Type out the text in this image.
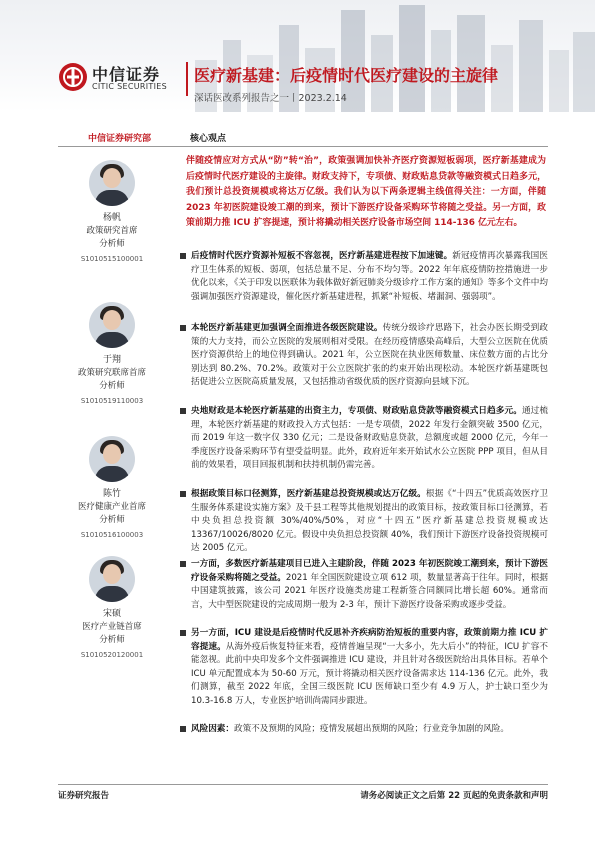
中信证券
CITIC SECURITIES
医疗新基建：后疫情时代医疗建设的主旋律
深话医改系列报告之一丨2023.2.14
中信证券研究部	核心观点
杨帆
政策研究首席
分析师
S1010515100001
于翔
政策研究联席首席
分析师
S1010519110003
陈竹
医疗健康产业首席
分析师
S1010516100003
宋硕
医疗产业链首席
分析师
S1010520120001
伴随疫情应对方式从“防”转“治”，政策强调加快补齐医疗资源短板弱项，医疗新基建成为后疫情时代医疗建设的主旋律。财政支持下，专项债、财政贴息贷款等融资模式日趋多元，我们预计总投资规模或将达万亿级。我们认为以下两条逻辑主线值得关注：一方面，伴随 2023 年初医院建设竣工潮的到来，预计下游医疗设备采购环节将随之受益。另一方面，政策前期力推 ICU 扩容提速，预计将撬动相关医疗设备市场空间 114-136 亿元左右。
后疫情时代医疗资源补短板不容忽视，医疗新基建进程按下加速键。新冠疫情再次暴露我国医疗卫生体系的短板、弱项，包括总量不足、分布不均匀等。2022 年年底疫情防控措施进一步优化以来，《关于印发以医联体为载体做好新冠肺炎分级诊疗工作方案的通知》等多个文件中均强调加强医疗资源建设，催化医疗新基建进程，抓紧“补短板、堵漏洞、强弱项”。
本轮医疗新基建更加强调全面推进各级医院建设。传统分级诊疗思路下，社会办医长期受到政策的大力支持，而公立医院的发展则相对受限。在经历疫情感染高峰后，大型公立医院在优质医疗资源供给上的地位得到确认。2021 年，公立医院在执业医师数量、床位数方面的占比分别达到 80.2%、70.2%。政策对于公立医院扩张的约束开始出现松动。本轮医疗新基建既包括促进公立医院高质量发展，又包括推动省级优质的医疗资源向县域下沉。
央地财政是本轮医疗新基建的出资主力，专项债、财政贴息贷款等融资模式日趋多元。通过梳理，本轮医疗新基建的财政投入方式包括：一是专项债，2022 年发行金额突破 3500 亿元，而 2019 年这一数字仅 330 亿元；二是设备财政贴息贷款，总额度或超 2000 亿元，今年一季度医疗设备采购环节有望受益明显。此外，政府近年来开始试水公立医院 PPP 项目，但从目前的效果看，项目回报机制和扶持机制仍需完善。
根据政策目标口径测算，医疗新基建总投资规模或达万亿级。根据《“十四五”优质高效医疗卫生服务体系建设实施方案》及千县工程等其他规划提出的政策目标，按政策目标口径测算，若中央负担总投资额 30%/40%/50%，对应“十四五”医疗新基建总投资规模或达 13367/10026/8020 亿元。假设中央负担总投资额 40%，我们预计下游医疗设备投资规模可达 2005 亿元。
一方面，多数医疗新基建项目已进入主建阶段，伴随 2023 年初医院竣工潮到来，预计下游医疗设备采购将随之受益。2021 年全国医院建设立项 612 项，数量显著高于往年。同时，根据中国建筑披露，该公司 2021 年医疗设施类房建工程新签合同额同比增长超 60%。通常而言，大中型医院建设的完成周期一般为 2-3 年，预计下游医疗设备采购或逐步受益。
另一方面，ICU 建设是后疫情时代反思补齐疾病防治短板的重要内容，政策前期力推 ICU 扩容提速。从海外疫后恢复特征来看，疫情普遍呈现“一大多小，先大后小”的特征，ICU 扩容不能忽视。此前中央印发多个文件强调推进 ICU 建设，并且针对各级医院给出具体目标。若单个 ICU 单元配置成本为 50-60 万元，预计将撬动相关医疗设备需求达 114-136 亿元。此外，我们测算，截至 2022 年底，全国三级医院 ICU 医师缺口至少有 4.9 万人，护士缺口至少为 10.3-16.8 万人，专业医护培训尚需同步跟进。
风险因素：政策不及预期的风险；疫情发展超出预期的风险；行业竞争加剧的风险。
证券研究报告	请务必阅读正文之后第 22 页起的免责条款和声明
